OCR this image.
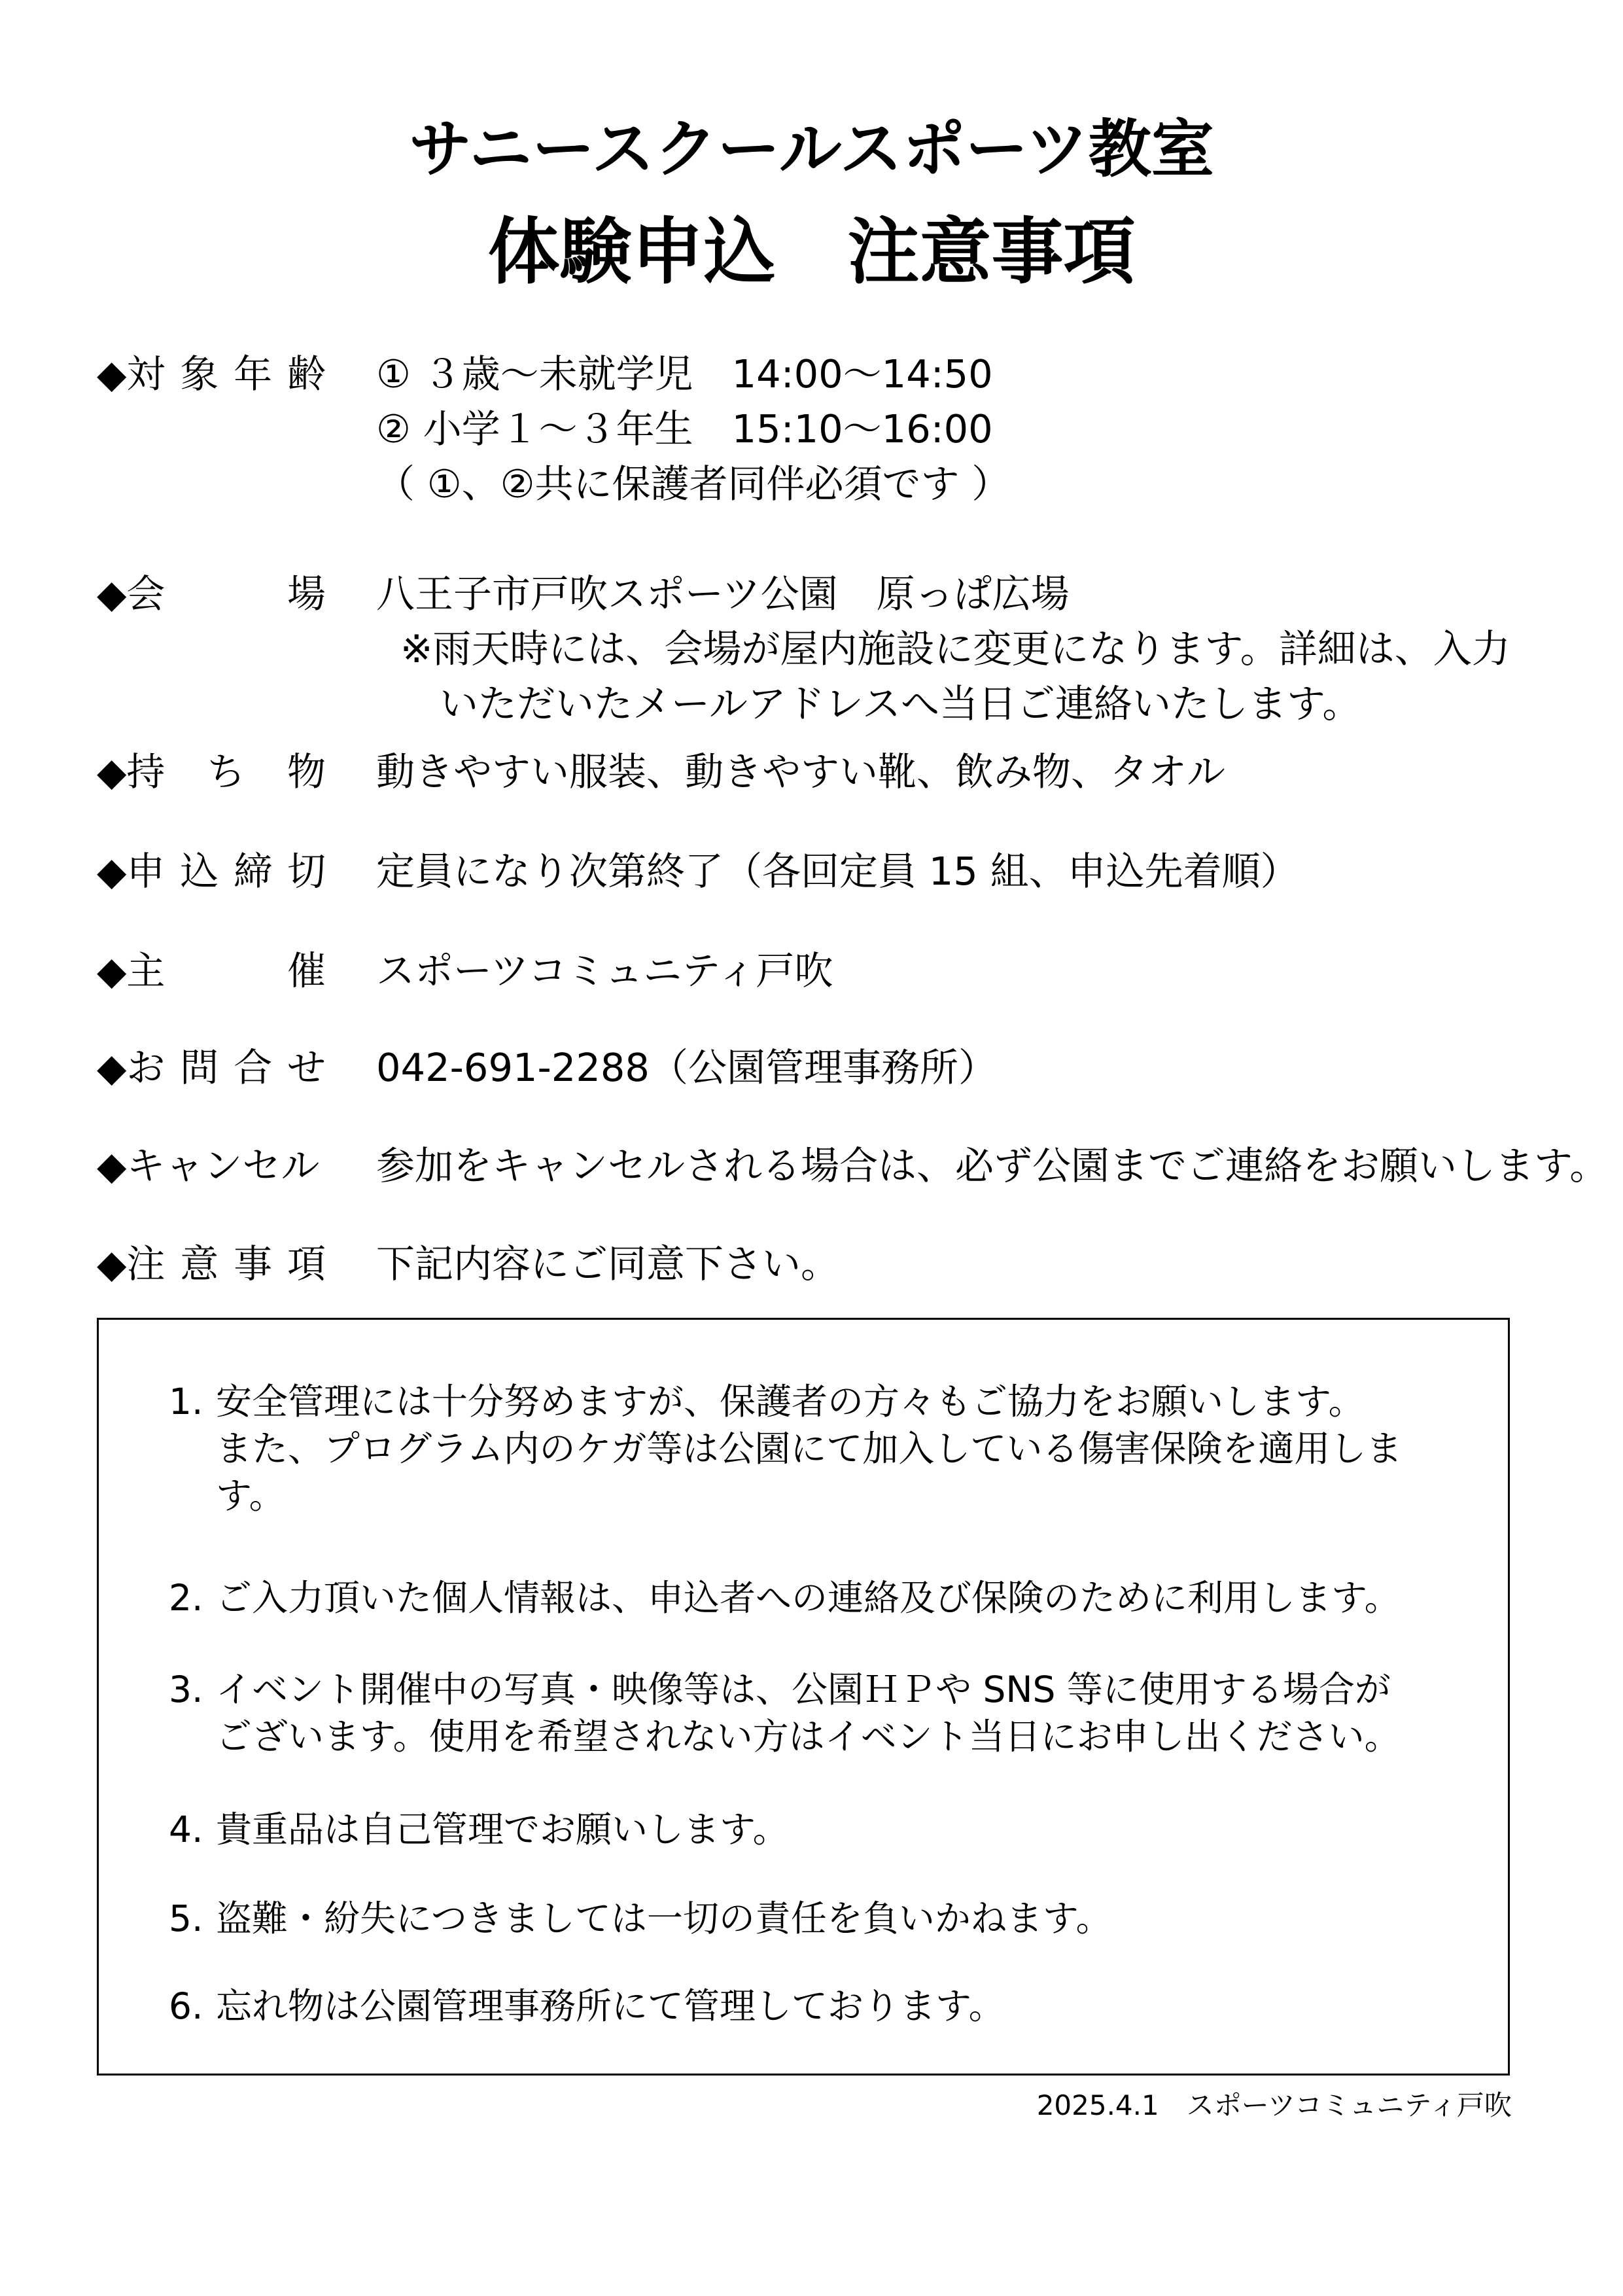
サニースクールスポーツ教室
体験申込　注意事項
◆対 象 年 齢 ① ３歳～未就学児　14:00～14:50
② 小学１～３年生　15:10～16:00
（ ①、②共に保護者同伴必須です ）
◆会	場 八王子市戸吹スポーツ公園　原っぱ広場
※雨天時には、会場が屋内施設に変更になります。詳細は、入力
いただいたメールアドレスへ当日ご連絡いたします。
◆持 ち 物 動きやすい服装、動きやすい靴、飲み物、タオル
◆申 込 締 切 定員になり次第終了（各回定員 15 組、申込先着順）
◆主	催 スポーツコミュニティ戸吹
◆お 問 合 せ 042-691-2288（公園管理事務所）
◆キャンセル 参加をキャンセルされる場合は、必ず公園までご連絡をお願いします。
◆注 意 事 項 下記内容にご同意下さい。
1. 安全管理には十分努めますが、保護者の方々もご協力をお願いします。
また、プログラム内のケガ等は公園にて加入している傷害保険を適用しま
す。
2. ご入力頂いた個人情報は、申込者への連絡及び保険のために利用します。
3. イベント開催中の写真・映像等は、公園ＨＰや SNS 等に使用する場合が
ございます。使用を希望されない方はイベント当日にお申し出ください。
4. 貴重品は自己管理でお願いします。
5. 盗難・紛失につきましては一切の責任を負いかねます。
6. 忘れ物は公園管理事務所にて管理しております。
2025.4.1　スポーツコミュニティ戸吹
